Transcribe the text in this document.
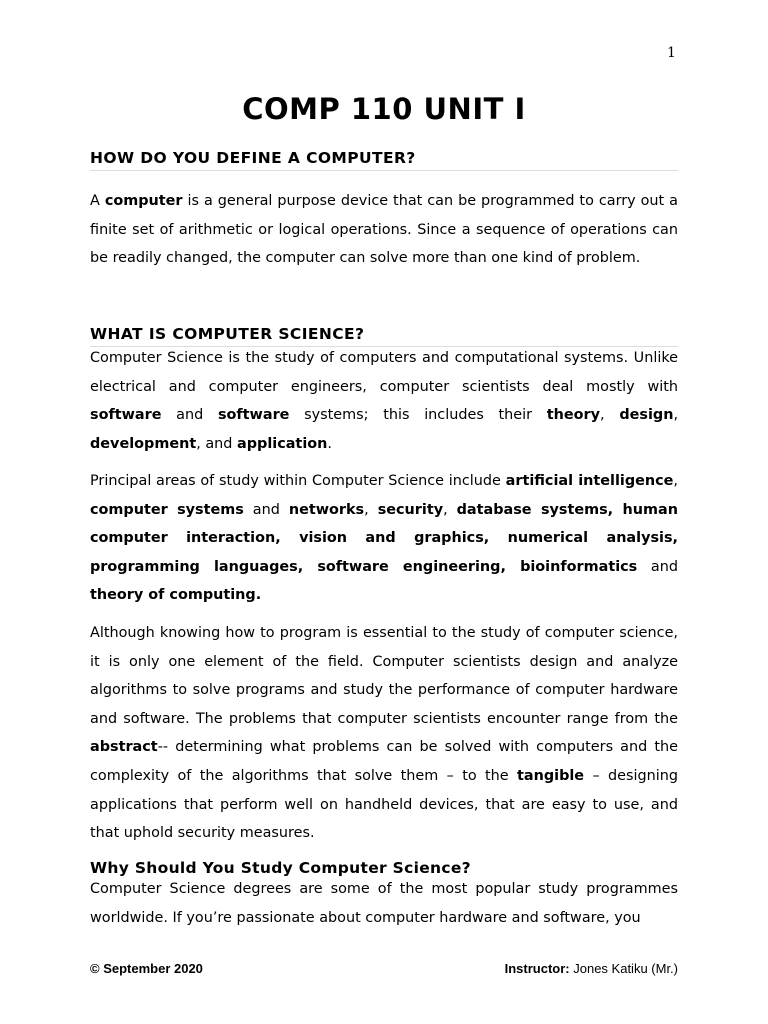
1
COMP 110 UNIT I
HOW DO YOU DEFINE A COMPUTER?

A computer is a general purpose device that can be programmed to carry out a finite set of arithmetic or logical operations. Since a sequence of operations can be readily changed, the computer can solve more than one kind of problem.

WHAT IS COMPUTER SCIENCE?

Computer Science is the study of computers and computational systems. Unlike electrical and computer engineers, computer scientists deal mostly with software and software systems; this includes their theory, design, development, and application.

Principal areas of study within Computer Science include artificial intelligence, computer systems and networks, security, database systems, human computer interaction, vision and graphics, numerical analysis, programming languages, software engineering, bioinformatics and theory of computing.

Although knowing how to program is essential to the study of computer science, it is only one element of the field. Computer scientists design and analyze algorithms to solve programs and study the performance of computer hardware and software. The problems that computer scientists encounter range from the abstract-- determining what problems can be solved with computers and the complexity of the algorithms that solve them – to the tangible – designing applications that perform well on handheld devices, that are easy to use, and that uphold security measures.

Why Should You Study Computer Science?

Computer Science degrees are some of the most popular study programmes worldwide. If you’re passionate about computer hardware and software, you

© September 2020	Instructor: Jones Katiku (Mr.)
